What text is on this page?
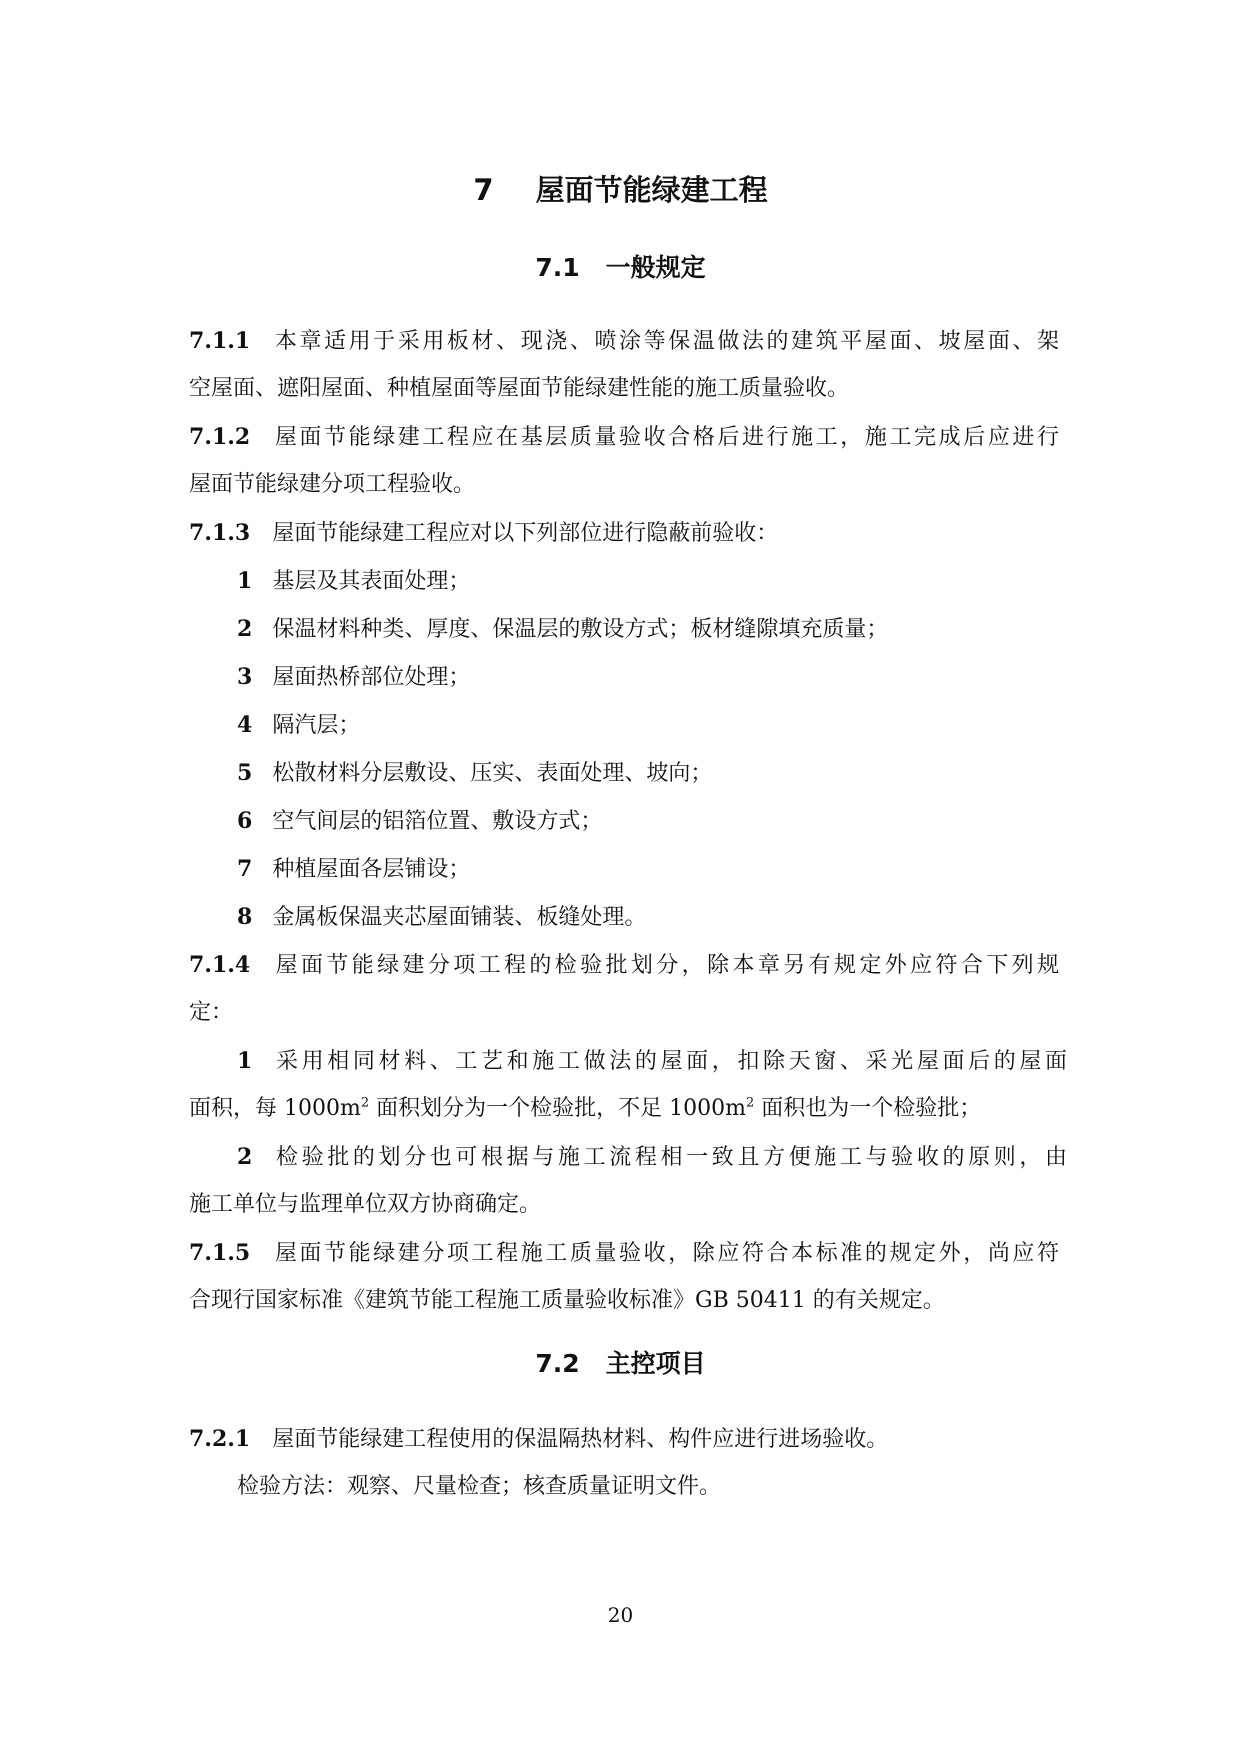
7 屋面节能绿建工程
7.1 一般规定
7.1.1 本章适用于采用板材、现浇、喷涂等保温做法的建筑平屋面、坡屋面、架
空屋面、遮阳屋面、种植屋面等屋面节能绿建性能的施工质量验收。
7.1.2 屋面节能绿建工程应在基层质量验收合格后进行施工，施工完成后应进行
屋面节能绿建分项工程验收。
7.1.3 屋面节能绿建工程应对以下列部位进行隐蔽前验收：
1 基层及其表面处理；
2 保温材料种类、厚度、保温层的敷设方式；板材缝隙填充质量；
3 屋面热桥部位处理；
4 隔汽层；
5 松散材料分层敷设、压实、表面处理、坡向；
6 空气间层的铝箔位置、敷设方式；
7 种植屋面各层铺设；
8 金属板保温夹芯屋面铺装、板缝处理。
7.1.4 屋面节能绿建分项工程的检验批划分，除本章另有规定外应符合下列规
定：
1 采用相同材料、工艺和施工做法的屋面，扣除天窗、采光屋面后的屋面
面积，每 $1000m^2$ 面积划分为一个检验批，不足 $1000m^2$ 面积也为一个检验批；
2 检验批的划分也可根据与施工流程相一致且方便施工与验收的原则，由
施工单位与监理单位双方协商确定。
7.1.5 屋面节能绿建分项工程施工质量验收，除应符合本标准的规定外，尚应符
合现行国家标准《建筑节能工程施工质量验收标准》GB 50411 的有关规定。
7.2 主控项目
7.2.1 屋面节能绿建工程使用的保温隔热材料、构件应进行进场验收。
检验方法：观察、尺量检查；核查质量证明文件。
20
